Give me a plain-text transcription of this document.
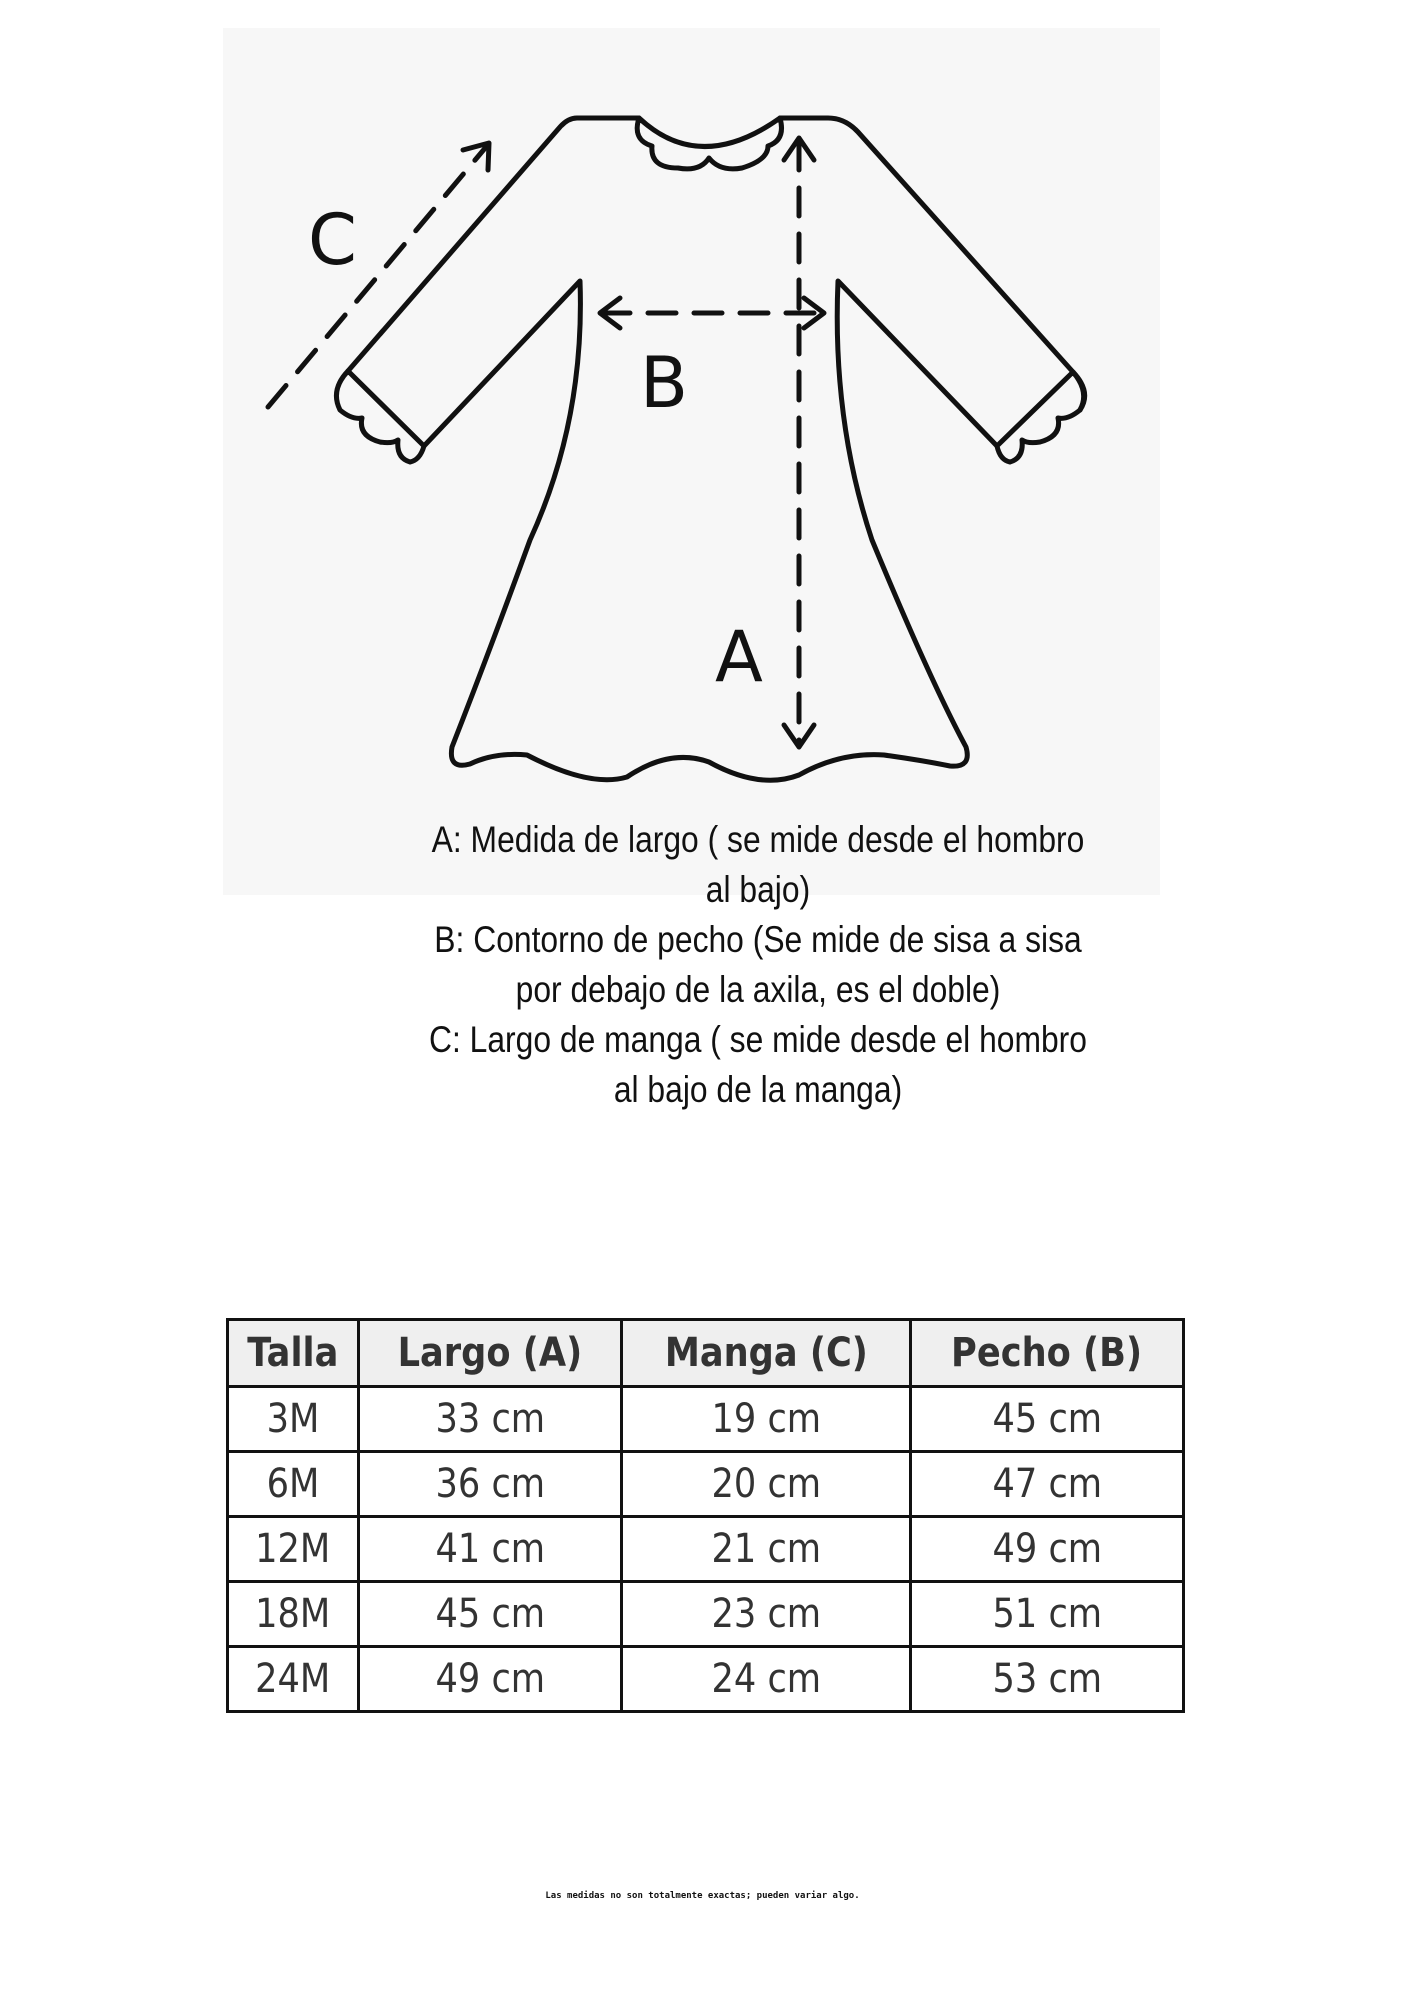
A
B
C
A: Medida de largo ( se mide desde el hombro
al bajo)
B: Contorno de pecho (Se mide de sisa a sisa
por debajo de la axila, es el doble)
C: Largo de manga ( se mide desde el hombro
al bajo de la manga)
Talla	Largo (A)	Manga (C)	Pecho (B)
3M	33 cm	19 cm	45 cm
6M	36 cm	20 cm	47 cm
12M	41 cm	21 cm	49 cm
18M	45 cm	23 cm	51 cm
24M	49 cm	24 cm	53 cm
Las medidas no son totalmente exactas; pueden variar algo.
